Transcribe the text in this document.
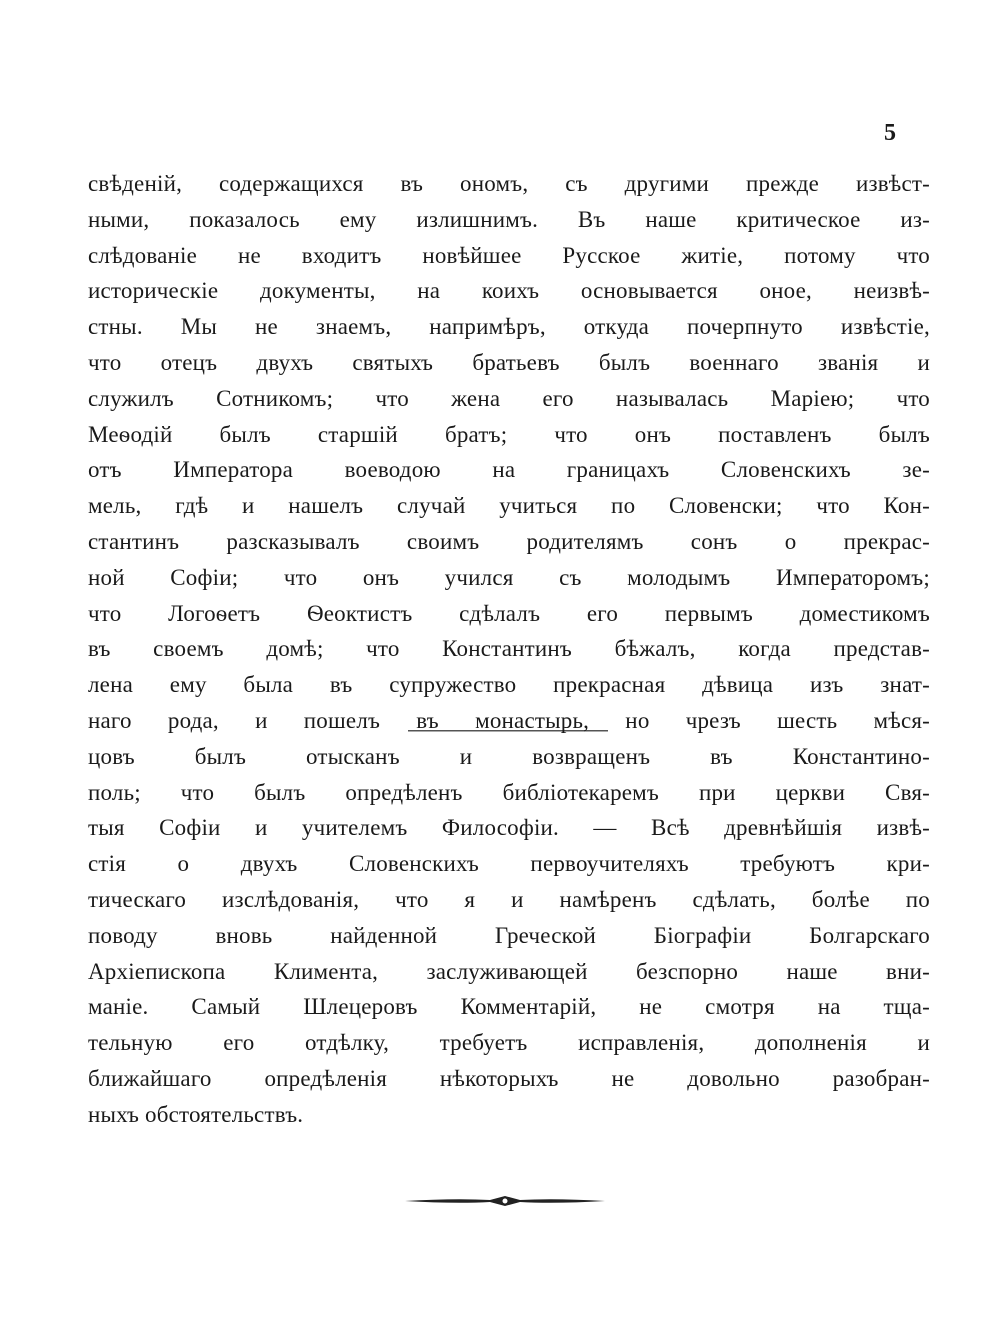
5
свѣденій, содержащихся въ ономъ, съ другими прежде извѣст-
ными, показалось ему излишнимъ. Въ наше критическое из-
слѣдованіе не входитъ новѣйшее Русское житіе, потому что
историческіе документы, на коихъ основывается оное, неизвѣ-
стны. Мы не знаемъ, напримѣръ, откуда почерпнуто извѣстіе,
что отецъ двухъ святыхъ братьевъ былъ военнаго званія и
служилъ Сотникомъ; что жена его называлась Маріею; что
Меѳодій былъ старшій братъ; что онъ поставленъ былъ
отъ Императора воеводою на границахъ Словенскихъ зе-
мель, гдѣ и нашелъ случай учиться по Словенски; что Кон-
стантинъ разсказывалъ своимъ родителямъ сонъ о прекрас-
ной Софіи; что онъ учился съ молодымъ Императоромъ;
что Логоѳетъ Ѳеоктистъ сдѣлалъ его первымъ доместикомъ
въ своемъ домѣ; что Константинъ бѣжалъ, когда представ-
лена ему была въ супружество прекрасная дѣвица изъ знат-
наго рода, и пошелъ въ монастырь, но чрезъ шесть мѣся-
цовъ былъ отысканъ и возвращенъ въ Константино-
поль; что былъ опредѣленъ библіотекаремъ при церкви Свя-
тыя Софіи и учителемъ Философіи. — Всѣ древнѣйшія извѣ-
стія о двухъ Словенскихъ первоучителяхъ требуютъ кри-
тическаго изслѣдованія, что я и намѣренъ сдѣлать, болѣе по
поводу вновь найденной Греческой Біографіи Болгарскаго
Архіепископа Климента, заслуживающей безспорно наше вни-
маніе. Самый Шлецеровъ Комментарій, не смотря на тща-
тельную его отдѣлку, требуетъ исправленія, дополненія и
ближайшаго опредѣленія нѣкоторыхъ не довольно разобран-
ныхъ обстоятельствъ.
